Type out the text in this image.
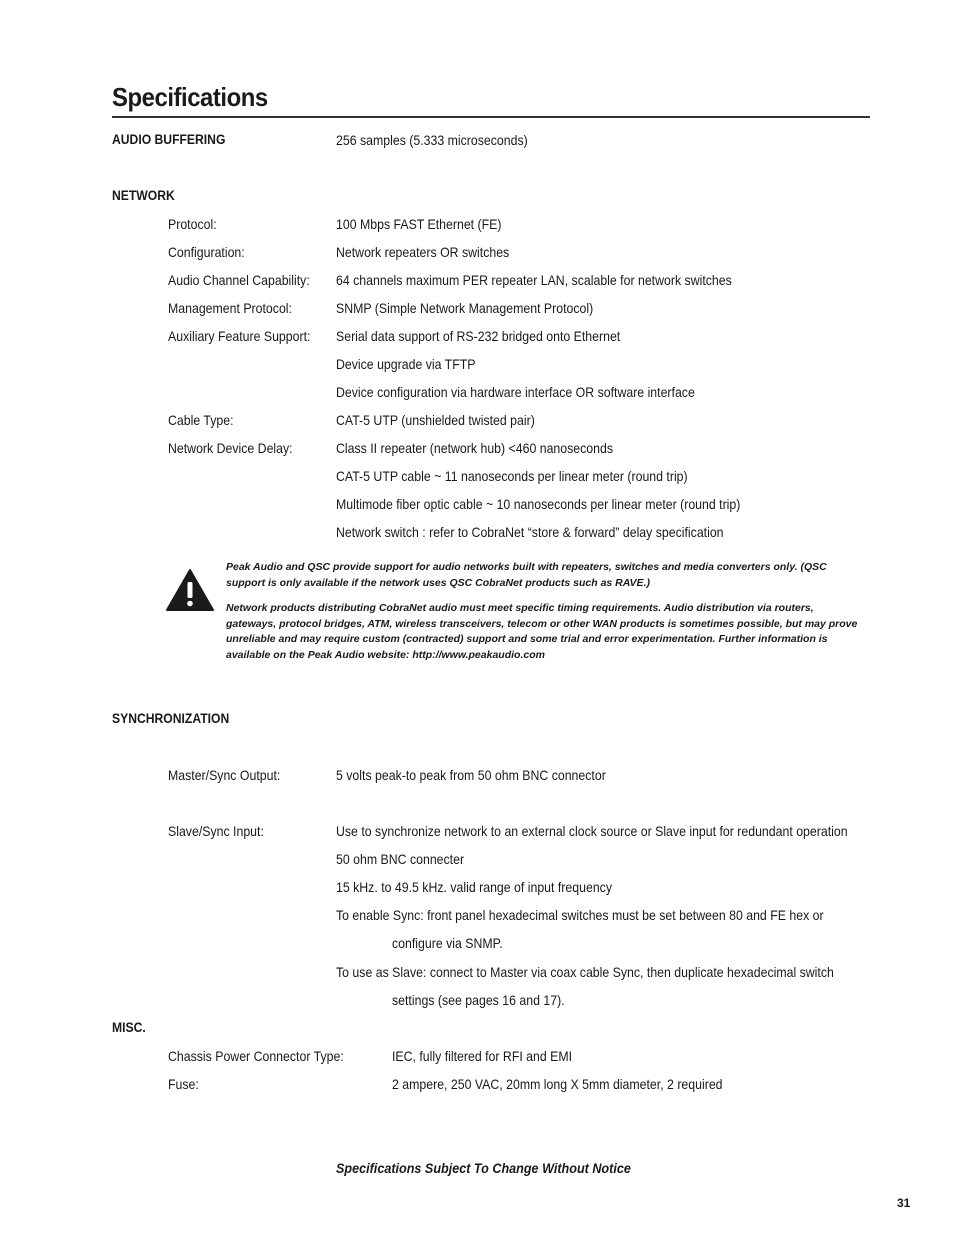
Specifications
AUDIO BUFFERING	256 samples (5.333 microseconds)
NETWORK
Protocol:	100 Mbps FAST Ethernet (FE)
Configuration:	Network repeaters OR switches
Audio Channel Capability: 64 channels maximum PER repeater LAN, scalable for network switches
Management Protocol:	SNMP (Simple Network Management Protocol)
Auxiliary Feature Support: Serial data support of RS-232 bridged onto Ethernet
Device upgrade via TFTP
Device configuration via hardware interface OR software interface
Cable Type:	CAT-5 UTP (unshielded twisted pair)
Network Device Delay:	Class II repeater (network hub) <460 nanoseconds
CAT-5 UTP cable ~ 11 nanoseconds per linear meter (round trip)
Multimode fiber optic cable ~ 10 nanoseconds per linear meter (round trip)
Network switch : refer to CobraNet “store & forward” delay specification

Peak Audio and QSC provide support for audio networks built with repeaters, switches and media converters only. (QSC support is only available if the network uses QSC CobraNet products such as RAVE.)

Network products distributing CobraNet audio must meet specific timing requirements. Audio distribution via routers, gateways, protocol bridges, ATM, wireless transceivers, telecom or other WAN products is sometimes possible, but may prove unreliable and may require custom (contracted) support and some trial and error experimentation. Further information is available on the Peak Audio website: http://www.peakaudio.com

SYNCHRONIZATION
Master/Sync Output:	5 volts peak-to peak from 50 ohm BNC connector
Slave/Sync Input:	Use to synchronize network to an external clock source or Slave input for redundant operation
50 ohm BNC connecter
15 kHz. to 49.5 kHz. valid range of input frequency
To enable Sync: front panel hexadecimal switches must be set between 80 and FE hex or
configure via SNMP.
To use as Slave: connect to Master via coax cable Sync, then duplicate hexadecimal switch
settings (see pages 16 and 17).
MISC.
Chassis Power Connector Type:	IEC, fully filtered for RFI and EMI
Fuse:	2 ampere, 250 VAC, 20mm long X 5mm diameter, 2 required
Specifications Subject To Change Without Notice
31
